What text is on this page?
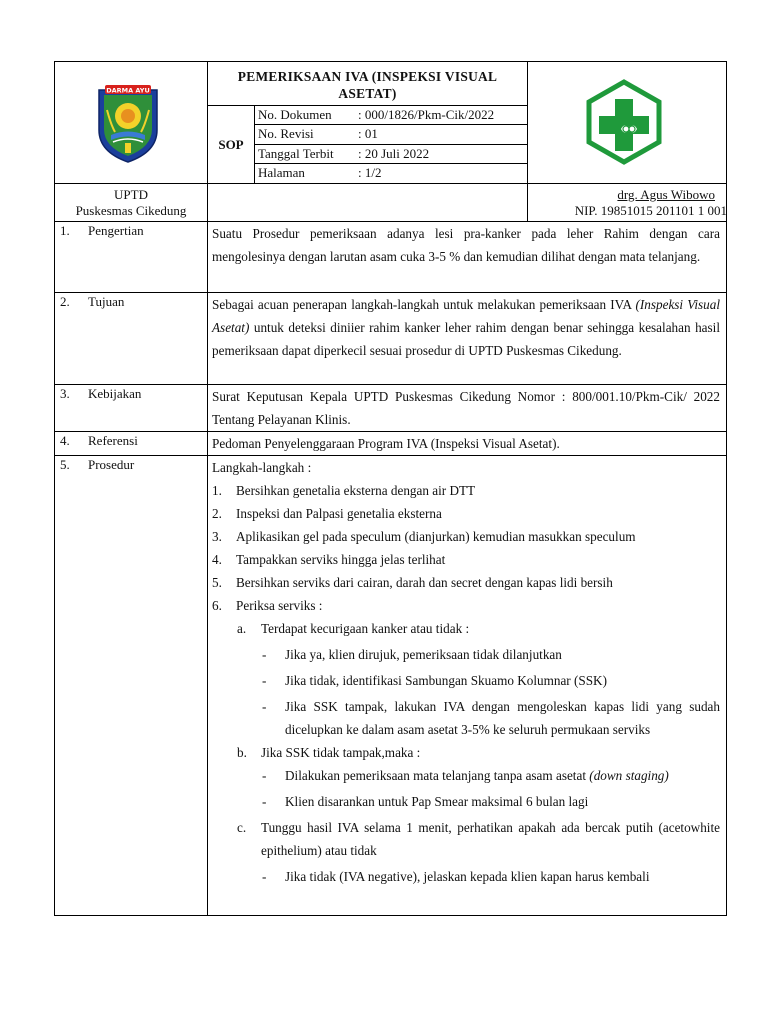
DARMA AYU
PEMERIKSAAN IVA (INSPEKSI VISUAL ASETAT)
SOP
No. Dokumen	: 000/1826/Pkm-Cik/2022
No. Revisi	: 01
Tanggal Terbit	: 20 Juli 2022
Halaman	: 1/2
UPTD
Puskesmas Cikedung
drg. Agus Wibowo
NIP. 19851015 201101 1 001
1. Pengertian	Suatu Prosedur pemeriksaan adanya lesi pra-kanker pada leher Rahim dengan cara mengolesinya dengan larutan asam cuka 3-5 % dan kemudian dilihat dengan mata telanjang.
2. Tujuan	Sebagai acuan penerapan langkah-langkah untuk melakukan pemeriksaan IVA (Inspeksi Visual Asetat) untuk deteksi diniier rahim kanker leher rahim dengan benar sehingga kesalahan hasil pemeriksaan dapat diperkecil sesuai prosedur di UPTD Puskesmas Cikedung.
3. Kebijakan	Surat Keputusan Kepala UPTD Puskesmas Cikedung Nomor : 800/001.10/Pkm-Cik/ 2022 Tentang Pelayanan Klinis.
4. Referensi	Pedoman Penyelenggaraan Program IVA (Inspeksi Visual Asetat).
5. Prosedur	Langkah-langkah :
1. Bersihkan genetalia eksterna dengan air DTT
2. Inspeksi dan Palpasi genetalia eksterna
3. Aplikasikan gel pada speculum (dianjurkan) kemudian masukkan speculum
4. Tampakkan serviks hingga jelas terlihat
5. Bersihkan serviks dari cairan, darah dan secret dengan kapas lidi bersih
6. Periksa serviks :
a. Terdapat kecurigaan kanker atau tidak :
- Jika ya, klien dirujuk, pemeriksaan tidak dilanjutkan
- Jika tidak, identifikasi Sambungan Skuamo Kolumnar (SSK)
- Jika SSK tampak, lakukan IVA dengan mengoleskan kapas lidi yang sudah dicelupkan ke dalam asam asetat 3-5% ke seluruh permukaan serviks
b. Jika SSK tidak tampak,maka :
- Dilakukan pemeriksaan mata telanjang tanpa asam asetat (down staging)
- Klien disarankan untuk Pap Smear maksimal 6 bulan lagi
c. Tunggu hasil IVA selama 1 menit, perhatikan apakah ada bercak putih (acetowhite epithelium) atau tidak
- Jika tidak (IVA negative), jelaskan kepada klien kapan harus kembali
